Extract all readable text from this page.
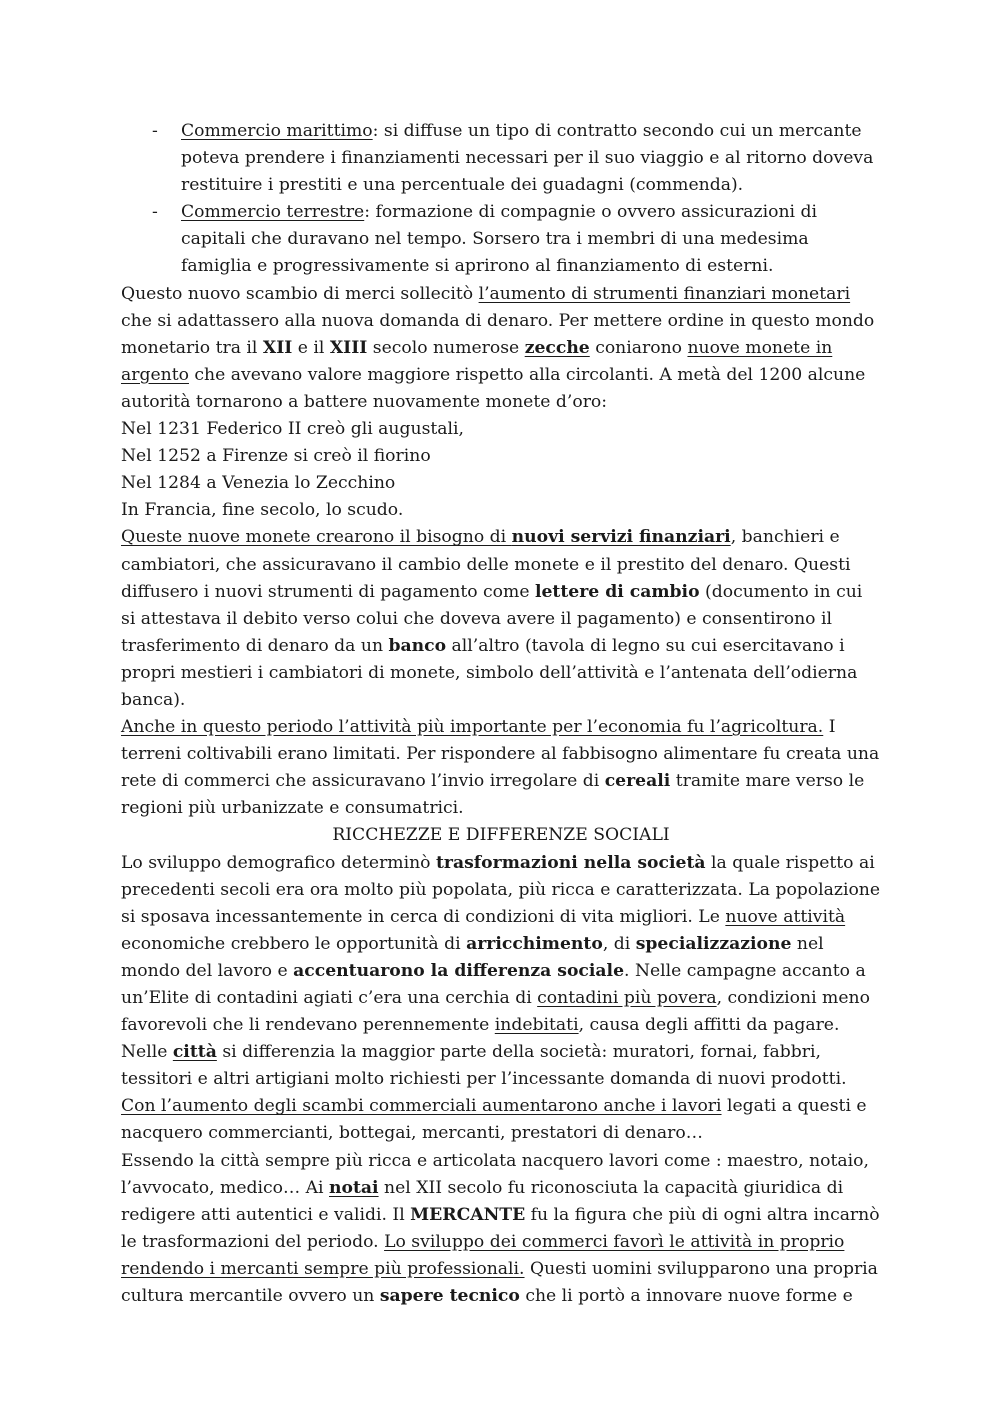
- Commercio marittimo: si diffuse un tipo di contratto secondo cui un mercante poteva prendere i finanziamenti necessari per il suo viaggio e al ritorno doveva restituire i prestiti e una percentuale dei guadagni (commenda).
- Commercio terrestre: formazione di compagnie o ovvero assicurazioni di capitali che duravano nel tempo. Sorsero tra i membri di una medesima famiglia e progressivamente si aprirono al finanziamento di esterni.

Questo nuovo scambio di merci sollecitò l’aumento di strumenti finanziari monetari che si adattassero alla nuova domanda di denaro. Per mettere ordine in questo mondo monetario tra il XII e il XIII secolo numerose zecche coniarono nuove monete in argento che avevano valore maggiore rispetto alla circolanti. A metà del 1200 alcune autorità tornarono a battere nuovamente monete d’oro:

Nel 1231 Federico II creò gli augustali,

Nel 1252 a Firenze si creò il fiorino

Nel 1284 a Venezia lo Zecchino

In Francia, fine secolo, lo scudo.

Queste nuove monete crearono il bisogno di nuovi servizi finanziari, banchieri e cambiatori, che assicuravano il cambio delle monete e il prestito del denaro. Questi diffusero i nuovi strumenti di pagamento come lettere di cambio (documento in cui si attestava il debito verso colui che doveva avere il pagamento) e consentirono il trasferimento di denaro da un banco all’altro (tavola di legno su cui esercitavano i propri mestieri i cambiatori di monete, simbolo dell’attività e l’antenata dell’odierna banca).

Anche in questo periodo l’attività più importante per l’economia fu l’agricoltura. I terreni coltivabili erano limitati. Per rispondere al fabbisogno alimentare fu creata una rete di commerci che assicuravano l’invio irregolare di cereali tramite mare verso le regioni più urbanizzate e consumatrici.

RICCHEZZE E DIFFERENZE SOCIALI

Lo sviluppo demografico determinò trasformazioni nella società la quale rispetto ai precedenti secoli era ora molto più popolata, più ricca e caratterizzata. La popolazione si sposava incessantemente in cerca di condizioni di vita migliori. Le nuove attività economiche crebbero le opportunità di arricchimento, di specializzazione nel mondo del lavoro e accentuarono la differenza sociale. Nelle campagne accanto a un’Elite di contadini agiati c’era una cerchia di contadini più povera, condizioni meno favorevoli che li rendevano perennemente indebitati, causa degli affitti da pagare. Nelle città si differenzia la maggior parte della società: muratori, fornai, fabbri, tessitori e altri artigiani molto richiesti per l’incessante domanda di nuovi prodotti. Con l’aumento degli scambi commerciali aumentarono anche i lavori legati a questi e nacquero commercianti, bottegai, mercanti, prestatori di denaro…

Essendo la città sempre più ricca e articolata nacquero lavori come : maestro, notaio, l’avvocato, medico… Ai notai nel XII secolo fu riconosciuta la capacità giuridica di redigere atti autentici e validi. Il MERCANTE fu la figura che più di ogni altra incarnò le trasformazioni del periodo. Lo sviluppo dei commerci favorì le attività in proprio rendendo i mercanti sempre più professionali. Questi uomini svilupparono una propria cultura mercantile ovvero un sapere tecnico che li portò a innovare nuove forme e
